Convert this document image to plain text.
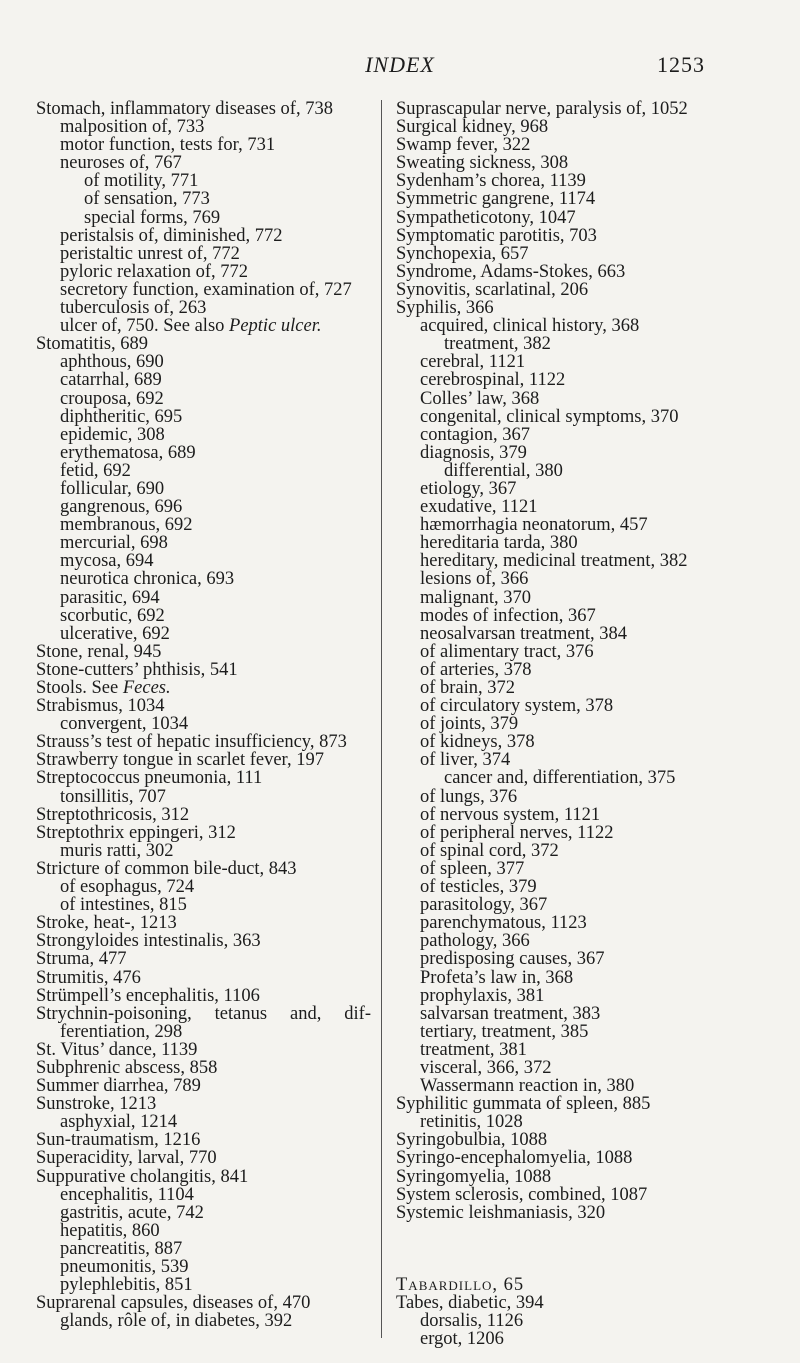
INDEX	1253
Stomach, inflammatory diseases of, 738
malposition of, 733
motor function, tests for, 731
neuroses of, 767
of motility, 771
of sensation, 773
special forms, 769
peristalsis of, diminished, 772
peristaltic unrest of, 772
pyloric relaxation of, 772
secretory function, examination of, 727
tuberculosis of, 263
ulcer of, 750. See also Peptic ulcer.
Stomatitis, 689
aphthous, 690
catarrhal, 689
crouposa, 692
diphtheritic, 695
epidemic, 308
erythematosa, 689
fetid, 692
follicular, 690
gangrenous, 696
membranous, 692
mercurial, 698
mycosa, 694
neurotica chronica, 693
parasitic, 694
scorbutic, 692
ulcerative, 692
Stone, renal, 945
Stone-cutters’ phthisis, 541
Stools. See Feces.
Strabismus, 1034
convergent, 1034
Strauss’s test of hepatic insufficiency, 873
Strawberry tongue in scarlet fever, 197
Streptococcus pneumonia, 111
tonsillitis, 707
Streptothricosis, 312
Streptothrix eppingeri, 312
muris ratti, 302
Stricture of common bile-duct, 843
of esophagus, 724
of intestines, 815
Stroke, heat-, 1213
Strongyloides intestinalis, 363
Struma, 477
Strumitis, 476
Strümpell’s encephalitis, 1106
Strychnin-poisoning, tetanus and, dif-
ferentiation, 298
St. Vitus’ dance, 1139
Subphrenic abscess, 858
Summer diarrhea, 789
Sunstroke, 1213
asphyxial, 1214
Sun-traumatism, 1216
Superacidity, larval, 770
Suppurative cholangitis, 841
encephalitis, 1104
gastritis, acute, 742
hepatitis, 860
pancreatitis, 887
pneumonitis, 539
pylephlebitis, 851
Suprarenal capsules, diseases of, 470
glands, rôle of, in diabetes, 392
Suprascapular nerve, paralysis of, 1052
Surgical kidney, 968
Swamp fever, 322
Sweating sickness, 308
Sydenham’s chorea, 1139
Symmetric gangrene, 1174
Sympatheticotony, 1047
Symptomatic parotitis, 703
Synchopexia, 657
Syndrome, Adams-Stokes, 663
Synovitis, scarlatinal, 206
Syphilis, 366
acquired, clinical history, 368
treatment, 382
cerebral, 1121
cerebrospinal, 1122
Colles’ law, 368
congenital, clinical symptoms, 370
contagion, 367
diagnosis, 379
differential, 380
etiology, 367
exudative, 1121
hæmorrhagia neonatorum, 457
hereditaria tarda, 380
hereditary, medicinal treatment, 382
lesions of, 366
malignant, 370
modes of infection, 367
neosalvarsan treatment, 384
of alimentary tract, 376
of arteries, 378
of brain, 372
of circulatory system, 378
of joints, 379
of kidneys, 378
of liver, 374
cancer and, differentiation, 375
of lungs, 376
of nervous system, 1121
of peripheral nerves, 1122
of spinal cord, 372
of spleen, 377
of testicles, 379
parasitology, 367
parenchymatous, 1123
pathology, 366
predisposing causes, 367
Profeta’s law in, 368
prophylaxis, 381
salvarsan treatment, 383
tertiary, treatment, 385
treatment, 381
visceral, 366, 372
Wassermann reaction in, 380
Syphilitic gummata of spleen, 885
retinitis, 1028
Syringobulbia, 1088
Syringo-encephalomyelia, 1088
Syringomyelia, 1088
System sclerosis, combined, 1087
Systemic leishmaniasis, 320
Tabardillo, 65
Tabes, diabetic, 394
dorsalis, 1126
ergot, 1206
